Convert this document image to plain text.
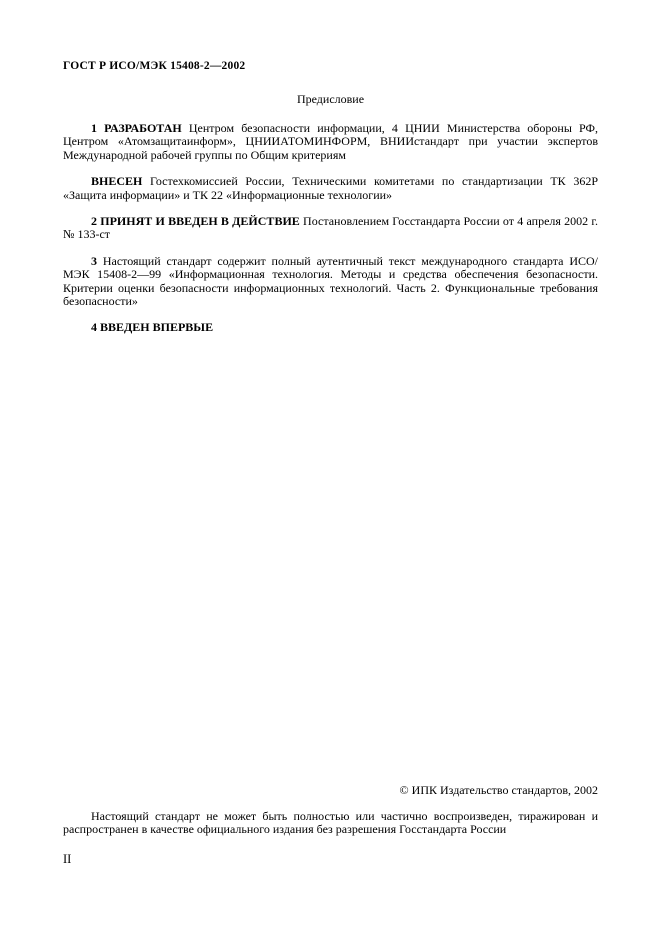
ГОСТ Р ИСО/МЭК 15408-2—2002
Предисловие

1 РАЗРАБОТАН Центром безопасности информации, 4 ЦНИИ Министерства обороны РФ, Центром «Атомзащитаинформ», ЦНИИАТОМИНФОРМ, ВНИИстандарт при участии экспертов Международной рабочей группы по Общим критериям

ВНЕСЕН Гостехкомиссией России, Техническими комитетами по стандартизации ТК 362Р «Защита информации» и ТК 22 «Информационные технологии»

2 ПРИНЯТ И ВВЕДЕН В ДЕЙСТВИЕ Постановлением Госстандарта России от 4 апреля 2002 г. № 133-ст

3 Настоящий стандарт содержит полный аутентичный текст международного стандарта ИСО/МЭК 15408-2—99 «Информационная технология. Методы и средства обеспечения безопасности. Критерии оценки безопасности информационных технологий. Часть 2. Функциональные требования безопасности»

4 ВВЕДЕН ВПЕРВЫЕ

© ИПК Издательство стандартов, 2002

Настоящий стандарт не может быть полностью или частично воспроизведен, тиражирован и распространен в качестве официального издания без разрешения Госстандарта России

II
